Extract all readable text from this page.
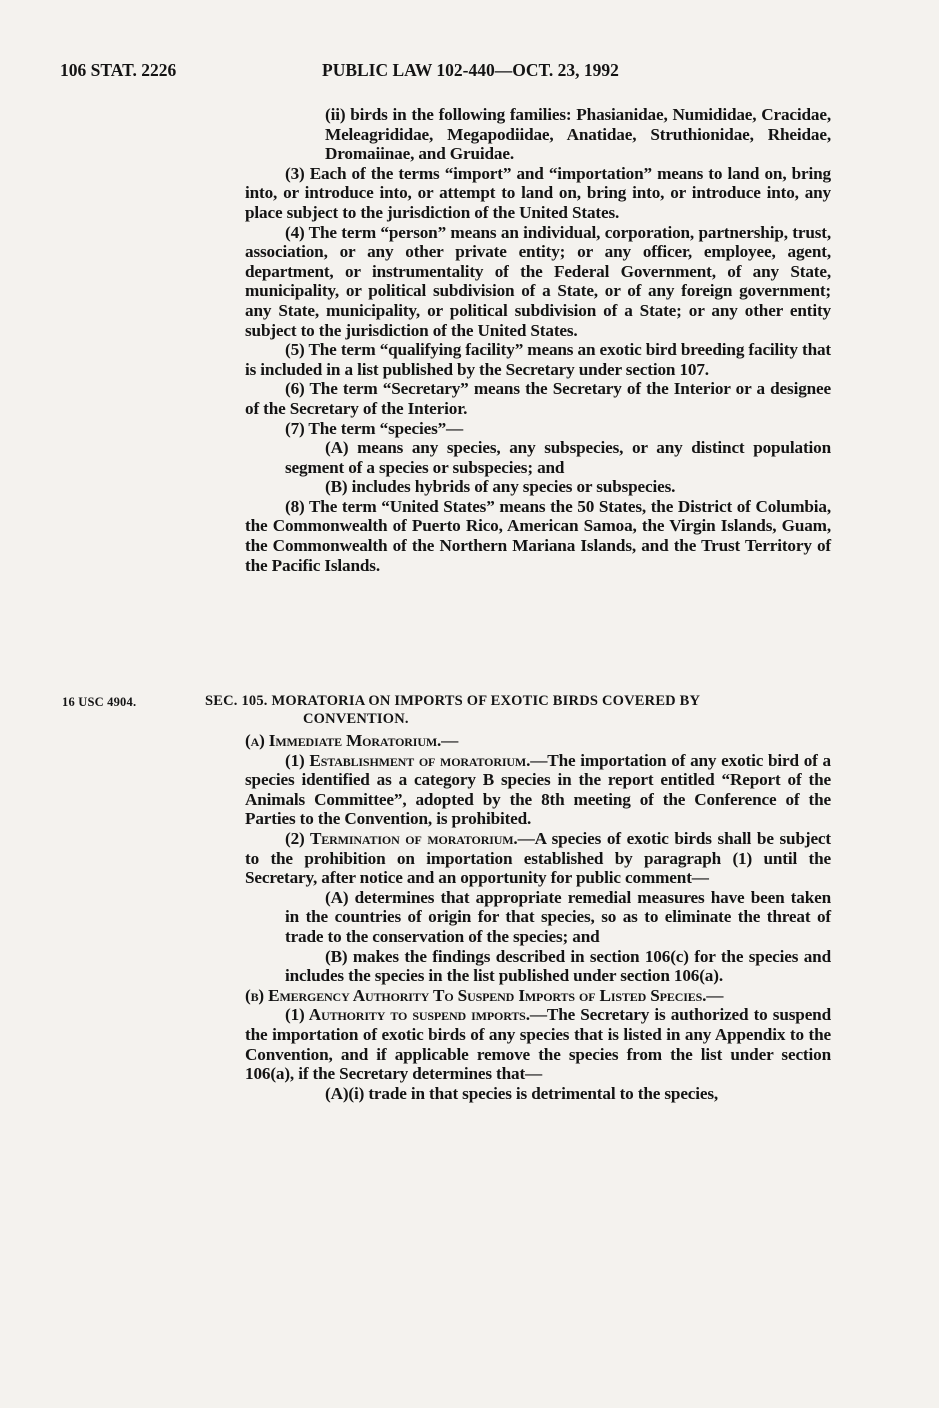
106 STAT. 2226	PUBLIC LAW 102-440—OCT. 23, 1992

(ii) birds in the following families: Phasianidae, Numididae, Cracidae, Meleagrididae, Megapodiidae, Anatidae, Struthionidae, Rheidae, Dromaiinae, and Gruidae.

(3) Each of the terms “import” and “importation” means to land on, bring into, or introduce into, or attempt to land on, bring into, or introduce into, any place subject to the jurisdiction of the United States.

(4) The term “person” means an individual, corporation, partnership, trust, association, or any other private entity; or any officer, employee, agent, department, or instrumentality of the Federal Government, of any State, municipality, or political subdivision of a State, or of any foreign government; any State, municipality, or political subdivision of a State; or any other entity subject to the jurisdiction of the United States.

(5) The term “qualifying facility” means an exotic bird breeding facility that is included in a list published by the Secretary under section 107.

(6) The term “Secretary” means the Secretary of the Interior or a designee of the Secretary of the Interior.

(7) The term “species”—

(A) means any species, any subspecies, or any distinct population segment of a species or subspecies; and

(B) includes hybrids of any species or subspecies.

(8) The term “United States” means the 50 States, the District of Columbia, the Commonwealth of Puerto Rico, American Samoa, the Virgin Islands, Guam, the Commonwealth of the Northern Mariana Islands, and the Trust Territory of the Pacific Islands.

16 USC 4904.	SEC. 105. MORATORIA ON IMPORTS OF EXOTIC BIRDS COVERED BY
CONVENTION.

(a) Immediate Moratorium.—

(1) Establishment of moratorium.—The importation of any exotic bird of a species identified as a category B species in the report entitled “Report of the Animals Committee”, adopted by the 8th meeting of the Conference of the Parties to the Convention, is prohibited.

(2) Termination of moratorium.—A species of exotic birds shall be subject to the prohibition on importation established by paragraph (1) until the Secretary, after notice and an opportunity for public comment—

(A) determines that appropriate remedial measures have been taken in the countries of origin for that species, so as to eliminate the threat of trade to the conservation of the species; and

(B) makes the findings described in section 106(c) for the species and includes the species in the list published under section 106(a).

(b) Emergency Authority To Suspend Imports of Listed Species.—

(1) Authority to suspend imports.—The Secretary is authorized to suspend the importation of exotic birds of any species that is listed in any Appendix to the Convention, and if applicable remove the species from the list under section 106(a), if the Secretary determines that—

(A)(i) trade in that species is detrimental to the species,
